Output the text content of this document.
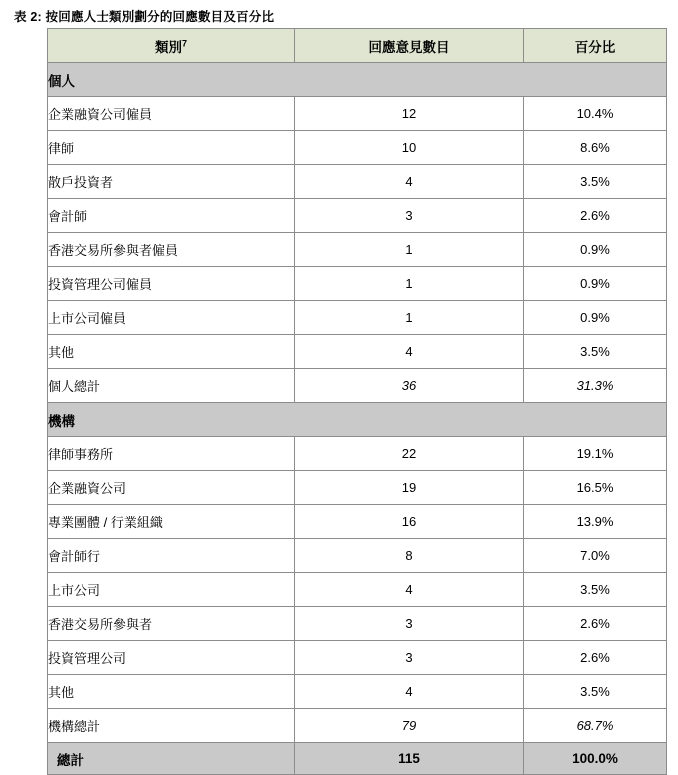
表 2: 按回應人士類別劃分的回應數目及百分比
類別$^7$	回應意見數目	百分比
個人		
企業融資公司僱員	12	10.4%
律師	10	8.6%
散戶投資者	4	3.5%
會計師	3	2.6%
香港交易所參與者僱員	1	0.9%
投資管理公司僱員	1	0.9%
上市公司僱員	1	0.9%
其他	4	3.5%
個人總計	36	31.3%
機構		
律師事務所	22	19.1%
企業融資公司	19	16.5%
專業團體 / 行業組織	16	13.9%
會計師行	8	7.0%
上市公司	4	3.5%
香港交易所參與者	3	2.6%
投資管理公司	3	2.6%
其他	4	3.5%
機構總計	79	68.7%
總計	115	100.0%
